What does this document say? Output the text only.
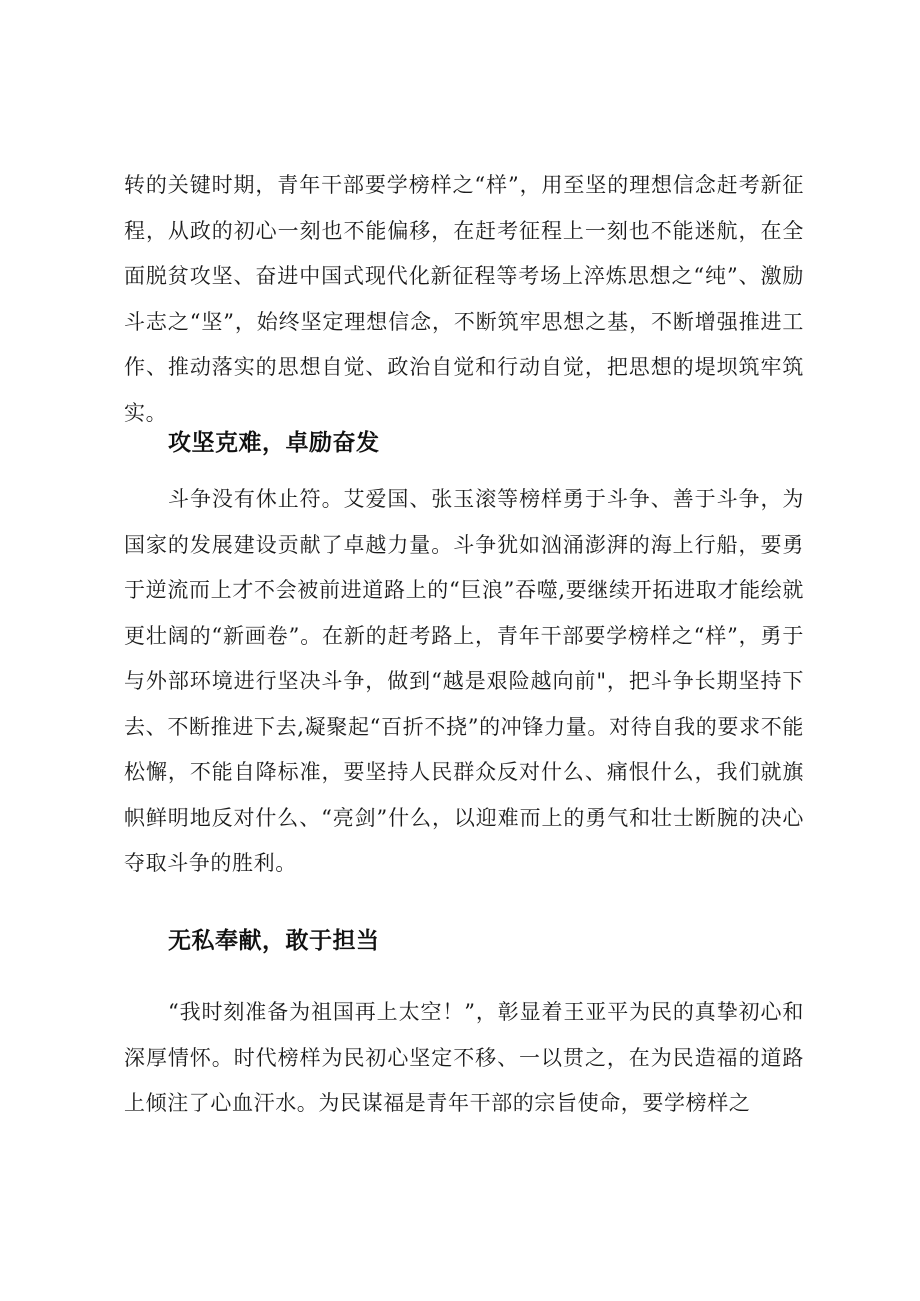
转的关键时期，青年干部要学榜样之“样”，用至坚的理想信念赶考新征程，从政的初心一刻也不能偏移，在赶考征程上一刻也不能迷航，在全面脱贫攻坚、奋进中国式现代化新征程等考场上淬炼思想之“纯”、激励斗志之“坚”，始终坚定理想信念，不断筑牢思想之基，不断增强推进工作、推动落实的思想自觉、政治自觉和行动自觉，把思想的堤坝筑牢筑实。

攻坚克难，卓励奋发

斗争没有休止符。艾爱国、张玉滚等榜样勇于斗争、善于斗争，为国家的发展建设贡献了卓越力量。斗争犹如汹涌澎湃的海上行船，要勇于逆流而上才不会被前进道路上的“巨浪”吞噬,要继续开拓进取才能绘就更壮阔的“新画卷”。在新的赶考路上，青年干部要学榜样之“样”，勇于与外部环境进行坚决斗争，做到“越是艰险越向前"，把斗争长期坚持下去、不断推进下去,凝聚起“百折不挠”的冲锋力量。对待自我的要求不能松懈，不能自降标准，要坚持人民群众反对什么、痛恨什么，我们就旗帜鲜明地反对什么、“亮剑”什么，以迎难而上的勇气和壮士断腕的决心夺取斗争的胜利。

无私奉献，敢于担当

“我时刻准备为祖国再上太空！”，彰显着王亚平为民的真挚初心和深厚情怀。时代榜样为民初心坚定不移、一以贯之，在为民造福的道路上倾注了心血汗水。为民谋福是青年干部的宗旨使命，要学榜样之
